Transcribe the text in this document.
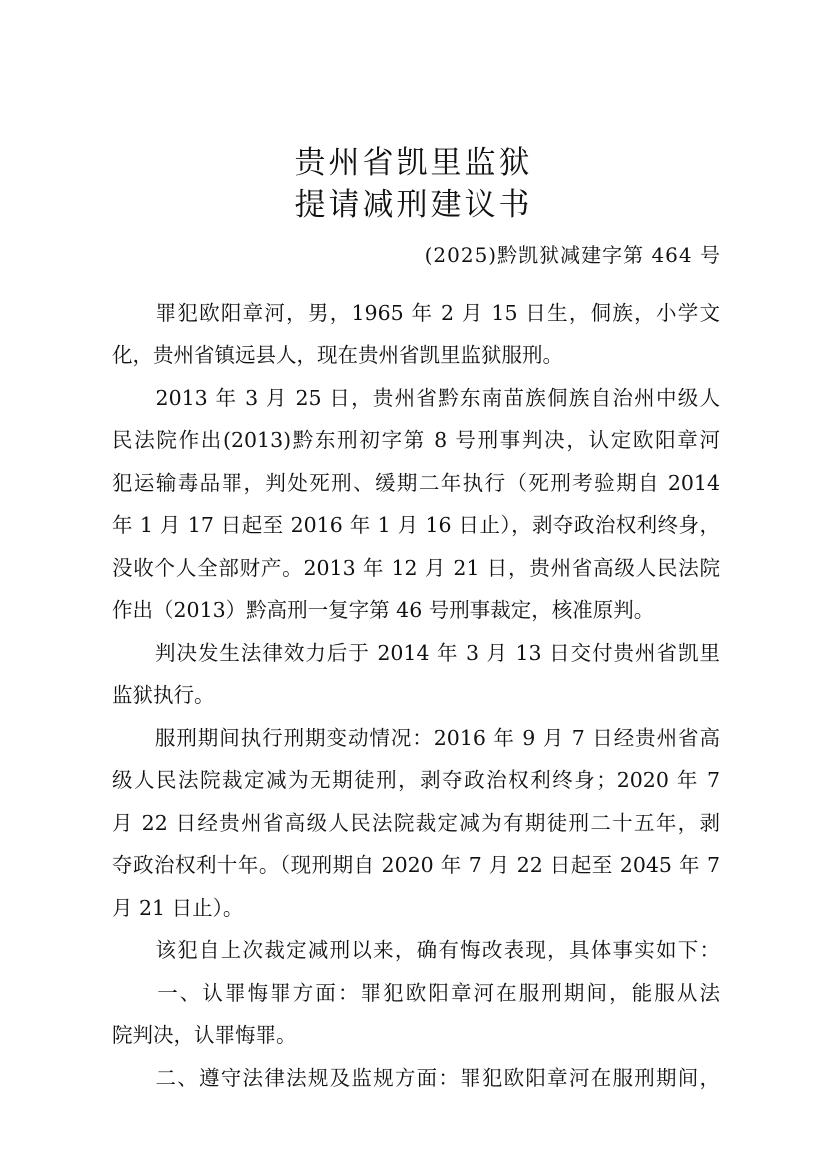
贵州省凯里监狱
提请减刑建议书
(2025)黔凯狱减建字第 464 号
　　罪犯欧阳章河，男，1965 年 2 月 15 日生，侗族，小学文
化，贵州省镇远县人，现在贵州省凯里监狱服刑。
　　2013 年 3 月 25 日，贵州省黔东南苗族侗族自治州中级人
民法院作出(2013)黔东刑初字第 8 号刑事判决，认定欧阳章河
犯运输毒品罪，判处死刑、缓期二年执行（死刑考验期自 2014
年 1 月 17 日起至 2016 年 1 月 16 日止），剥夺政治权利终身，
没收个人全部财产。2013 年 12 月 21 日，贵州省高级人民法院
作出（2013）黔高刑一复字第 46 号刑事裁定，核准原判。
　　判决发生法律效力后于 2014 年 3 月 13 日交付贵州省凯里
监狱执行。
　　服刑期间执行刑期变动情况：2016 年 9 月 7 日经贵州省高
级人民法院裁定减为无期徒刑，剥夺政治权利终身；2020 年 7
月 22 日经贵州省高级人民法院裁定减为有期徒刑二十五年，剥
夺政治权利十年。（现刑期自 2020 年 7 月 22 日起至 2045 年 7
月 21 日止）。
　　该犯自上次裁定减刑以来，确有悔改表现，具体事实如下：
　　一、认罪悔罪方面：罪犯欧阳章河在服刑期间，能服从法
院判决，认罪悔罪。
　　二、遵守法律法规及监规方面：罪犯欧阳章河在服刑期间，
